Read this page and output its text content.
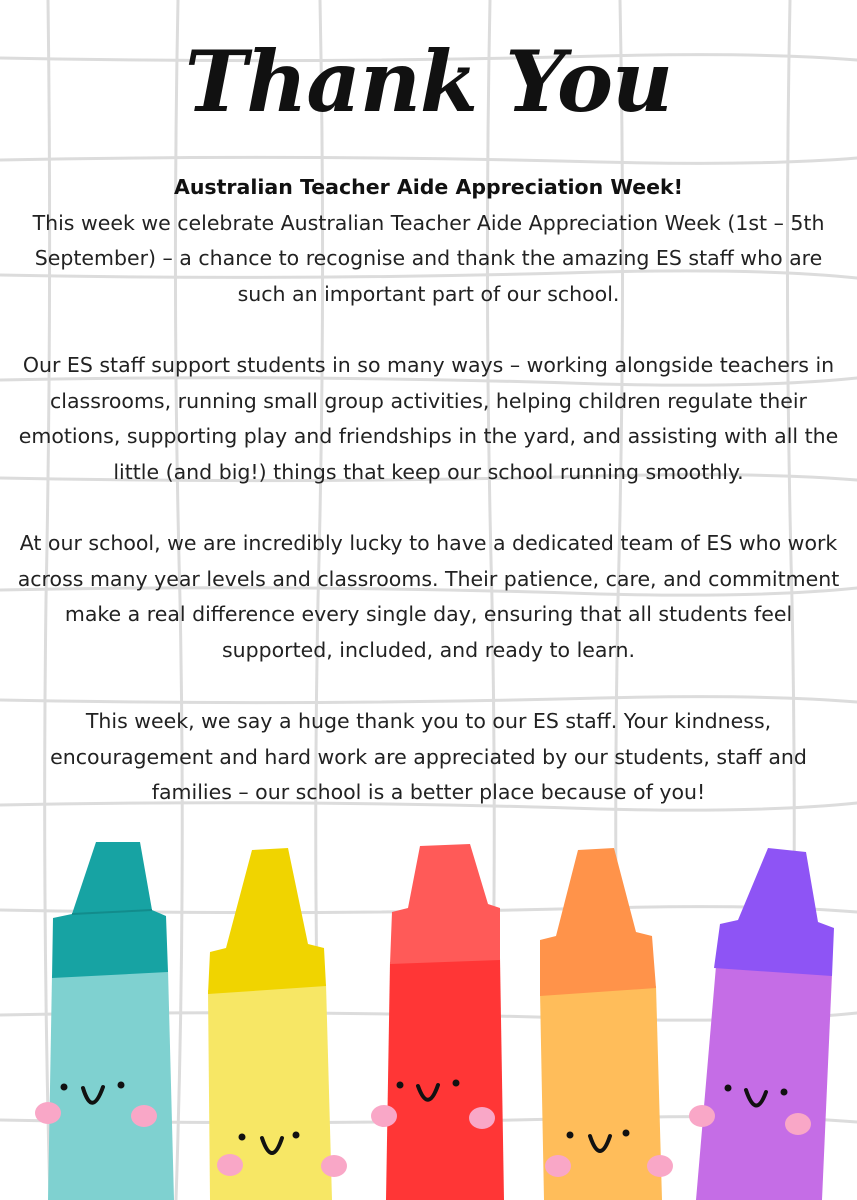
Thank You
Australian Teacher Aide Appreciation Week!

This week we celebrate Australian Teacher Aide Appreciation Week (1st – 5th September) – a chance to recognise and thank the amazing ES staff who are such an important part of our school.

Our ES staff support students in so many ways – working alongside teachers in classrooms, running small group activities, helping children regulate their emotions, supporting play and friendships in the yard, and assisting with all the little (and big!) things that keep our school running smoothly.

At our school, we are incredibly lucky to have a dedicated team of ES who work across many year levels and classrooms. Their patience, care, and commitment make a real difference every single day, ensuring that all students feel supported, included, and ready to learn.

This week, we say a huge thank you to our ES staff. Your kindness, encouragement and hard work are appreciated by our students, staff and families – our school is a better place because of you!
